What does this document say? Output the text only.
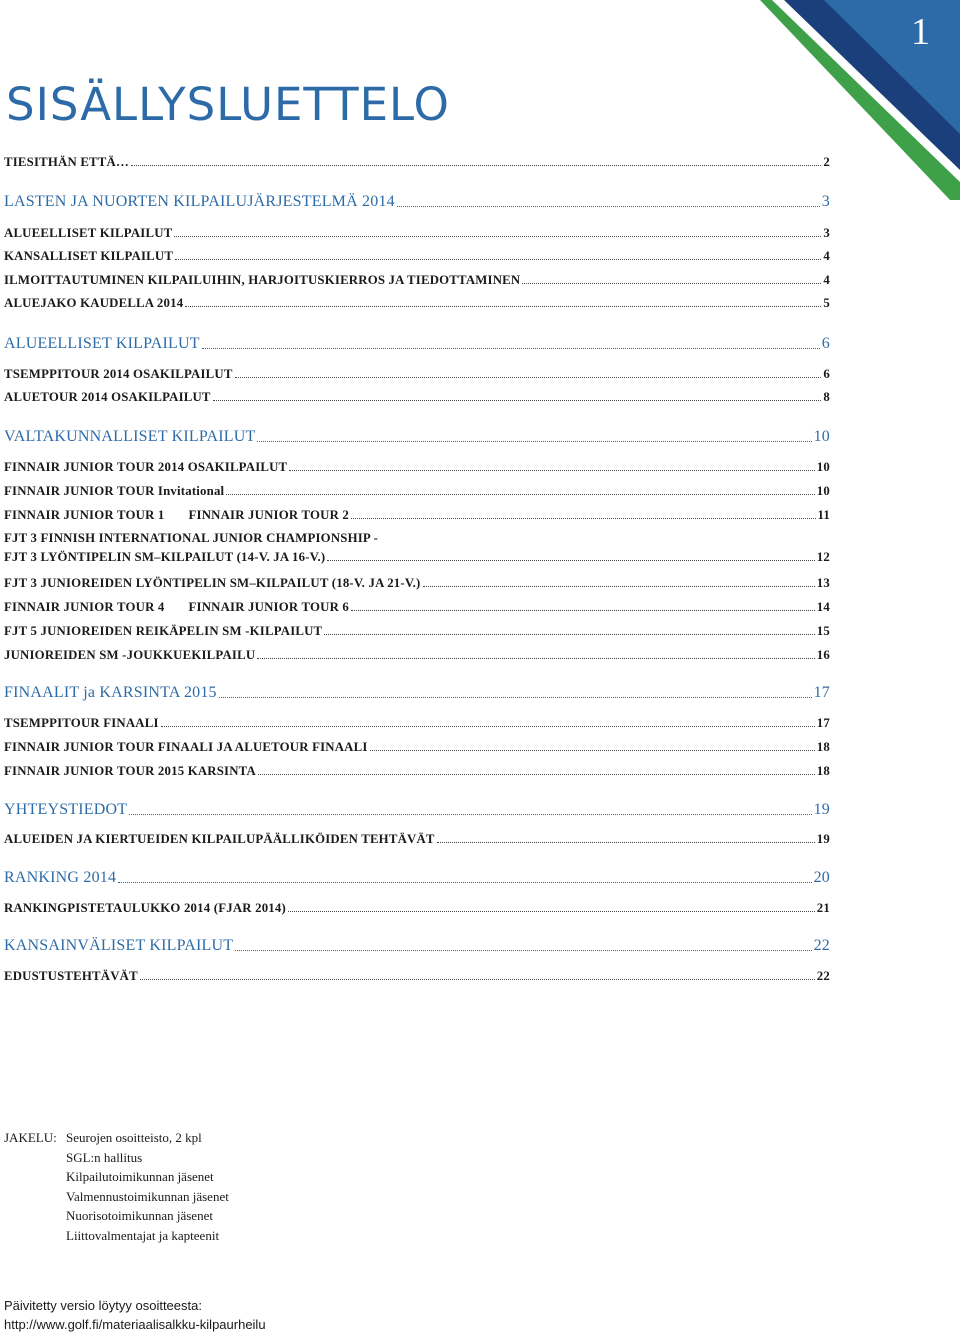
1
SISÄLLYSLUETTELO
TIESITHÄN ETTÄ…	2
LASTEN JA NUORTEN KILPAILUJÄRJESTELMÄ 2014	3
ALUEELLISET KILPAILUT	3
KANSALLISET KILPAILUT	4
ILMOITTAUTUMINEN KILPAILUIHIN, HARJOITUSKIERROS JA TIEDOTTAMINEN	4
ALUEJAKO KAUDELLA 2014	5
ALUEELLISET KILPAILUT	6
TSEMPPITOUR 2014 OSAKILPAILUT	6
ALUETOUR 2014 OSAKILPAILUT	8
VALTAKUNNALLISET KILPAILUT	10
FINNAIR JUNIOR TOUR 2014 OSAKILPAILUT	10
FINNAIR JUNIOR TOUR Invitational	10
FINNAIR JUNIOR TOUR 1 FINNAIR JUNIOR TOUR 2	11
FJT 3 FINNISH INTERNATIONAL JUNIOR CHAMPIONSHIP -
FJT 3 LYÖNTIPELIN SM–KILPAILUT (14-V. JA 16-V.)	12
FJT 3 JUNIOREIDEN LYÖNTIPELIN SM–KILPAILUT (18-V. JA 21-V.)	13
FINNAIR JUNIOR TOUR 4 FINNAIR JUNIOR TOUR 6	14
FJT 5 JUNIOREIDEN REIKÄPELIN SM -KILPAILUT	15
JUNIOREIDEN SM -JOUKKUEKILPAILU	16
FINAALIT ja KARSINTA 2015	17
TSEMPPITOUR FINAALI	17
FINNAIR JUNIOR TOUR FINAALI JA ALUETOUR FINAALI	18
FINNAIR JUNIOR TOUR 2015 KARSINTA	18
YHTEYSTIEDOT	19
ALUEIDEN JA KIERTUEIDEN KILPAILUPÄÄLLIKÖIDEN TEHTÄVÄT	19
RANKING 2014	20
RANKINGPISTETAULUKKO 2014 (FJAR 2014)	21
KANSAINVÄLISET KILPAILUT	22
EDUSTUSTEHTÄVÄT	22
JAKELU: Seurojen osoitteisto, 2 kpl
SGL:n hallitus
Kilpailutoimikunnan jäsenet
Valmennustoimikunnan jäsenet
Nuorisotoimikunnan jäsenet
Liittovalmentajat ja kapteenit
Päivitetty versio löytyy osoitteesta:
http://www.golf.fi/materiaalisalkku-kilpaurheilu
